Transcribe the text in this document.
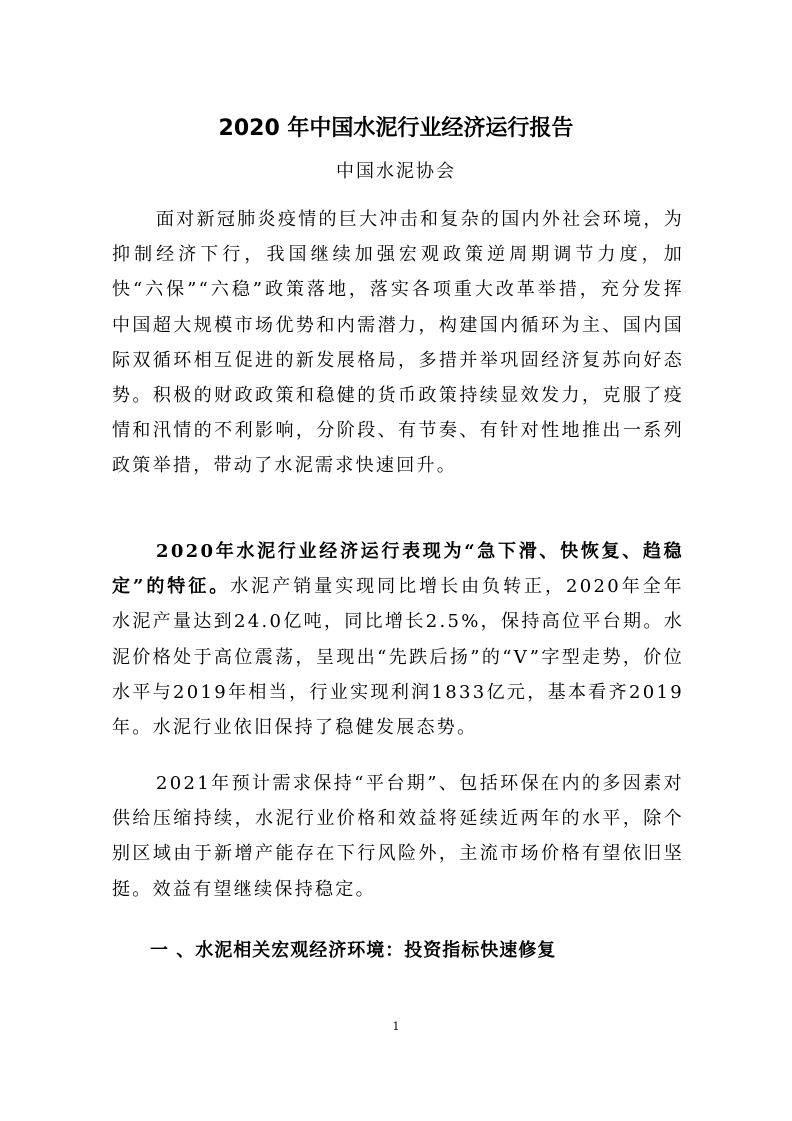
2020 年中国水泥行业经济运行报告
中国水泥协会

面对新冠肺炎疫情的巨大冲击和复杂的国内外社会环境，为抑制经济下行，我国继续加强宏观政策逆周期调节力度，加快“六保”“六稳”政策落地，落实各项重大改革举措，充分发挥中国超大规模市场优势和内需潜力，构建国内循环为主、国内国际双循环相互促进的新发展格局，多措并举巩固经济复苏向好态势。积极的财政政策和稳健的货币政策持续显效发力，克服了疫情和汛情的不利影响，分阶段、有节奏、有针对性地推出一系列政策举措，带动了水泥需求快速回升。

2020年水泥行业经济运行表现为“急下滑、快恢复、趋稳定”的特征。水泥产销量实现同比增长由负转正，2020年全年水泥产量达到24.0亿吨，同比增长2.5%，保持高位平台期。水泥价格处于高位震荡，呈现出“先跌后扬”的“V”字型走势，价位水平与2019年相当，行业实现利润1833亿元，基本看齐2019年。水泥行业依旧保持了稳健发展态势。

2021年预计需求保持“平台期”、包括环保在内的多因素对供给压缩持续，水泥行业价格和效益将延续近两年的水平，除个别区域由于新增产能存在下行风险外，主流市场价格有望依旧坚挺。效益有望继续保持稳定。

一 、水泥相关宏观经济环境：投资指标快速修复
1
